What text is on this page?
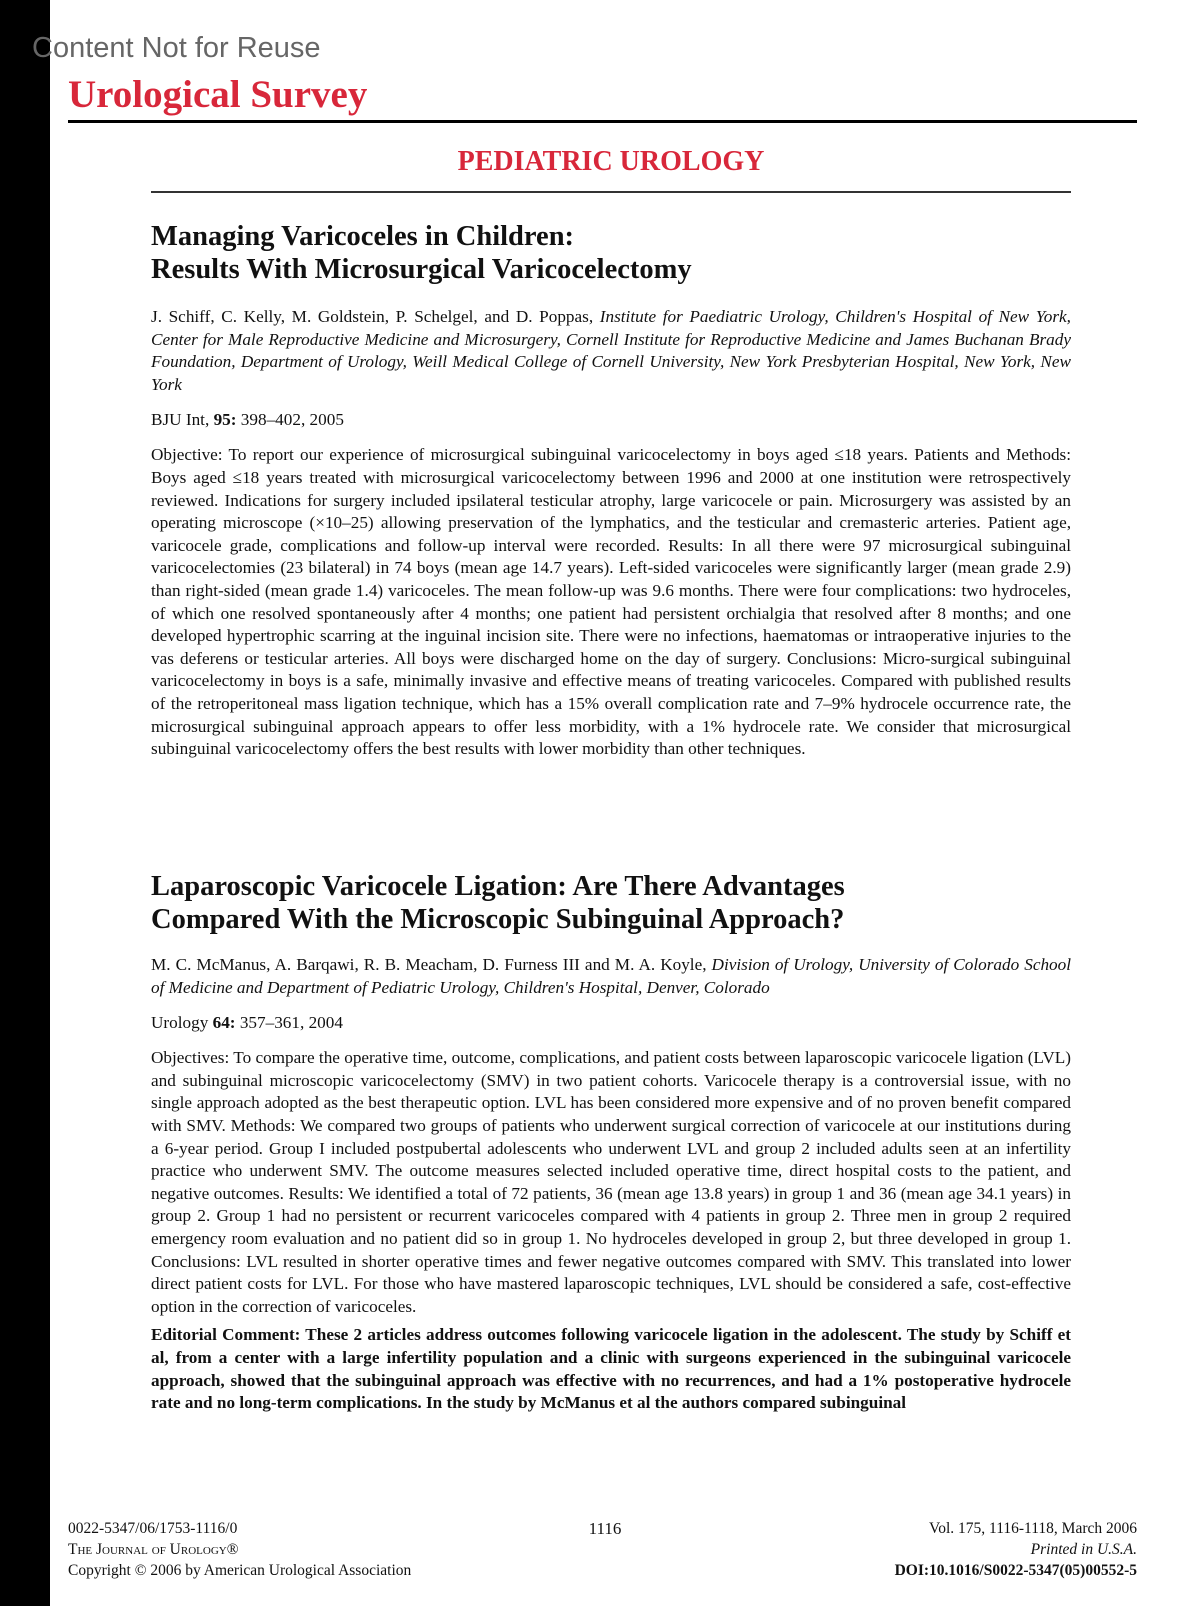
Content Not for Reuse
Urological Survey
PEDIATRIC UROLOGY
Managing Varicoceles in Children:
Results With Microsurgical Varicocelectomy
J. Schiff, C. Kelly, M. Goldstein, P. Schelgel, and D. Poppas, Institute for Paediatric Urology, Children's Hospital of New York, Center for Male Reproductive Medicine and Microsurgery, Cornell Institute for Reproductive Medicine and James Buchanan Brady Foundation, Department of Urology, Weill Medical College of Cornell University, New York Presbyterian Hospital, New York, New York
BJU Int, 95: 398–402, 2005

Objective: To report our experience of microsurgical subinguinal varicocelectomy in boys aged ≤18 years. Patients and Methods: Boys aged ≤18 years treated with microsurgical varicocelectomy between 1996 and 2000 at one institution were retrospectively reviewed. Indications for surgery included ipsilateral testicular atrophy, large varicocele or pain. Microsurgery was assisted by an operating microscope (×10–25) allowing preservation of the lymphatics, and the testicular and cremasteric arteries. Patient age, varicocele grade, complications and follow-up interval were recorded. Results: In all there were 97 microsurgical subinguinal varicocelectomies (23 bilateral) in 74 boys (mean age 14.7 years). Left-sided varicoceles were significantly larger (mean grade 2.9) than right-sided (mean grade 1.4) varicoceles. The mean follow-up was 9.6 months. There were four complications: two hydroceles, of which one resolved spontaneously after 4 months; one patient had persistent orchialgia that resolved after 8 months; and one developed hypertrophic scarring at the inguinal incision site. There were no infections, haematomas or intraoperative injuries to the vas deferens or testicular arteries. All boys were discharged home on the day of surgery. Conclusions: Micro-surgical subinguinal varicocelectomy in boys is a safe, minimally invasive and effective means of treating varicoceles. Compared with published results of the retroperitoneal mass ligation technique, which has a 15% overall complication rate and 7–9% hydrocele occurrence rate, the microsurgical subinguinal approach appears to offer less morbidity, with a 1% hydrocele rate. We consider that microsurgical subinguinal varicocelectomy offers the best results with lower morbidity than other techniques.

Laparoscopic Varicocele Ligation: Are There Advantages
Compared With the Microscopic Subinguinal Approach?
M. C. McManus, A. Barqawi, R. B. Meacham, D. Furness III and M. A. Koyle, Division of Urology, University of Colorado School of Medicine and Department of Pediatric Urology, Children's Hospital, Denver, Colorado
Urology 64: 357–361, 2004

Objectives: To compare the operative time, outcome, complications, and patient costs between laparoscopic varicocele ligation (LVL) and subinguinal microscopic varicocelectomy (SMV) in two patient cohorts. Varicocele therapy is a controversial issue, with no single approach adopted as the best therapeutic option. LVL has been considered more expensive and of no proven benefit compared with SMV. Methods: We compared two groups of patients who underwent surgical correction of varicocele at our institutions during a 6-year period. Group I included postpubertal adolescents who underwent LVL and group 2 included adults seen at an infertility practice who underwent SMV. The outcome measures selected included operative time, direct hospital costs to the patient, and negative outcomes. Results: We identified a total of 72 patients, 36 (mean age 13.8 years) in group 1 and 36 (mean age 34.1 years) in group 2. Group 1 had no persistent or recurrent varicoceles compared with 4 patients in group 2. Three men in group 2 required emergency room evaluation and no patient did so in group 1. No hydroceles developed in group 2, but three developed in group 1. Conclusions: LVL resulted in shorter operative times and fewer negative outcomes compared with SMV. This translated into lower direct patient costs for LVL. For those who have mastered laparoscopic techniques, LVL should be considered a safe, cost-effective option in the correction of varicoceles.

Editorial Comment: These 2 articles address outcomes following varicocele ligation in the adolescent. The study by Schiff et al, from a center with a large infertility population and a clinic with surgeons experienced in the subinguinal varicocele approach, showed that the subinguinal approach was effective with no recurrences, and had a 1% postoperative hydrocele rate and no long-term complications. In the study by McManus et al the authors compared subinguinal

0022-5347/06/1753-1116/0
The Journal of Urology®
Copyright © 2006 by American Urological Association
1116	Vol. 175, 1116-1118, March 2006
Printed in U.S.A.
DOI:10.1016/S0022-5347(05)00552-5
